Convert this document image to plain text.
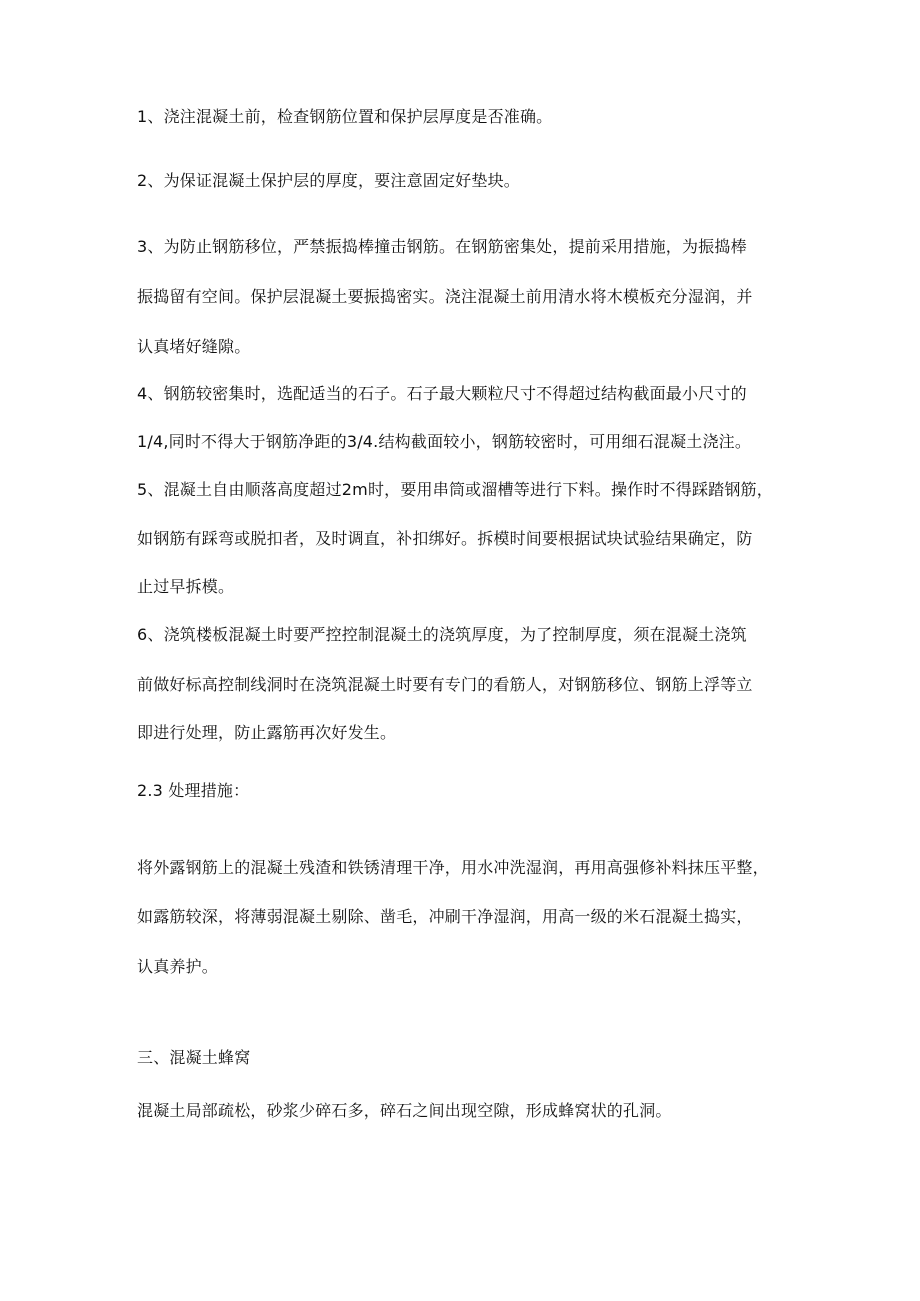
1、浇注混凝土前，检查钢筋位置和保护层厚度是否准确。
2、为保证混凝土保护层的厚度，要注意固定好垫块。
3、为防止钢筋移位，严禁振捣棒撞击钢筋。在钢筋密集处，提前采用措施，为振捣棒
振捣留有空间。保护层混凝土要振捣密实。浇注混凝土前用清水将木模板充分湿润，并
认真堵好缝隙。
4、钢筋较密集时，选配适当的石子。石子最大颗粒尺寸不得超过结构截面最小尺寸的
1/4,同时不得大于钢筋净距的3/4.结构截面较小，钢筋较密时，可用细石混凝土浇注。
5、混凝土自由顺落高度超过2m时，要用串筒或溜槽等进行下料。操作时不得踩踏钢筋，
如钢筋有踩弯或脱扣者，及时调直，补扣绑好。拆模时间要根据试块试验结果确定，防
止过早拆模。
6、浇筑楼板混凝土时要严控控制混凝土的浇筑厚度，为了控制厚度，须在混凝土浇筑
前做好标高控制线洞时在浇筑混凝土时要有专门的看筋人，对钢筋移位、钢筋上浮等立
即进行处理，防止露筋再次好发生。
2.3 处理措施：
将外露钢筋上的混凝土残渣和铁锈清理干净，用水冲洗湿润，再用高强修补料抹压平整，
如露筋较深，将薄弱混凝土剔除、凿毛，冲刷干净湿润，用高一级的米石混凝土捣实，
认真养护。
三、混凝土蜂窝
混凝土局部疏松，砂浆少碎石多，碎石之间出现空隙，形成蜂窝状的孔洞。
